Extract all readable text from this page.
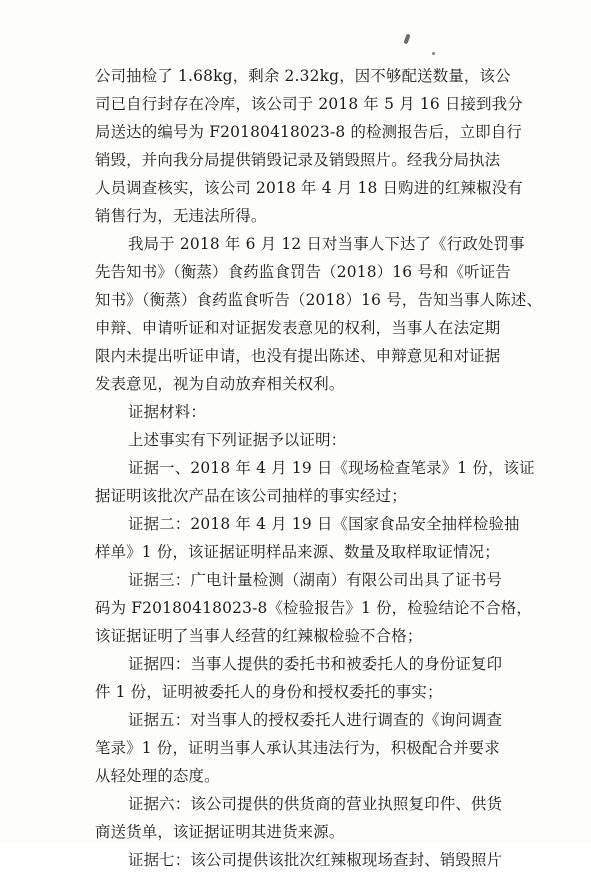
公司抽检了 1.68kg，剩余 2.32kg，因不够配送数量，该公
司已自行封存在冷库，该公司于 2018 年 5 月 16 日接到我分
局送达的编号为 F20180418023-8 的检测报告后，立即自行
销毁，并向我分局提供销毁记录及销毁照片。经我分局执法
人员调查核实，该公司 2018 年 4 月 18 日购进的红辣椒没有
销售行为，无违法所得。
我局于 2018 年 6 月 12 日对当事人下达了《行政处罚事
先告知书》（衡蒸）食药监食罚告（2018）16 号和《听证告
知书》（衡蒸）食药监食听告（2018）16 号，告知当事人陈述、
申辩、申请听证和对证据发表意见的权利，当事人在法定期
限内未提出听证申请，也没有提出陈述、申辩意见和对证据
发表意见，视为自动放弃相关权利。
证据材料：
上述事实有下列证据予以证明：
证据一、2018 年 4 月 19 日《现场检查笔录》1 份，该证
据证明该批次产品在该公司抽样的事实经过；
证据二：2018 年 4 月 19 日《国家食品安全抽样检验抽
样单》1 份，该证据证明样品来源、数量及取样取证情况；
证据三：广电计量检测（湖南）有限公司出具了证书号
码为 F20180418023-8《检验报告》1 份，检验结论不合格，
该证据证明了当事人经营的红辣椒检验不合格；
证据四：当事人提供的委托书和被委托人的身份证复印
件 1 份，证明被委托人的身份和授权委托的事实；
证据五：对当事人的授权委托人进行调查的《询问调查
笔录》1 份，证明当事人承认其违法行为，积极配合并要求
从轻处理的态度。
证据六：该公司提供的供货商的营业执照复印件、供货
商送货单，该证据证明其进货来源。
证据七：该公司提供该批次红辣椒现场查封、销毁照片
